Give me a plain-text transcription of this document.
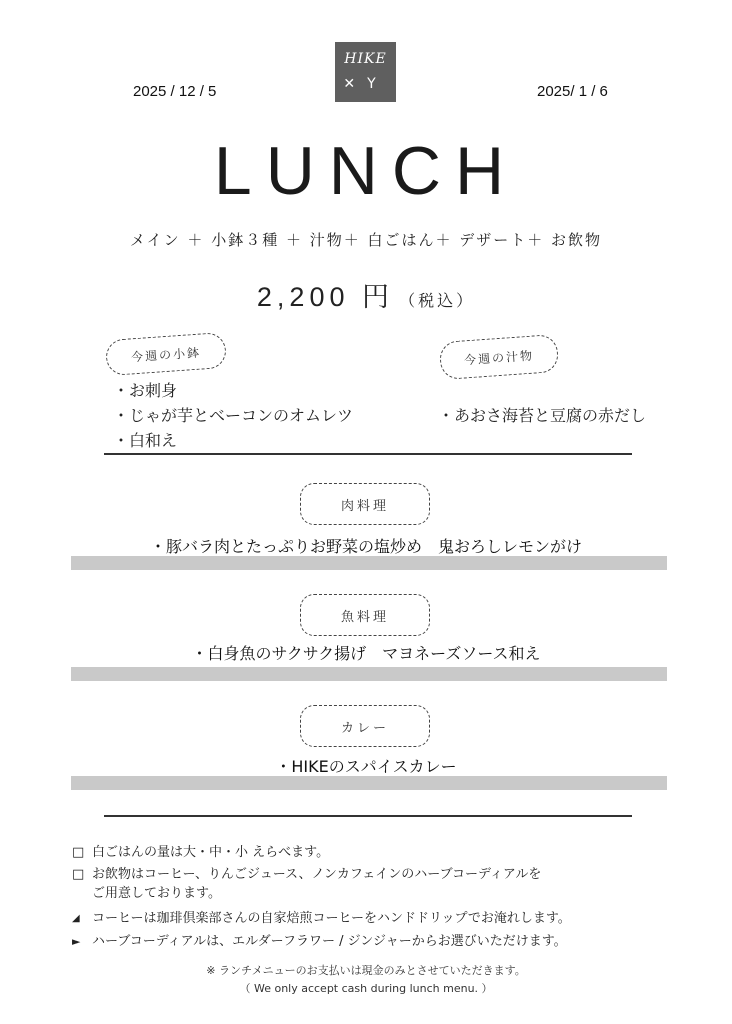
HIKE
✕Y
2025 / 12 / 5	2025/ 1 / 6
LUNCH
メイン ＋ 小鉢３種 ＋ 汁物＋ 白ごはん＋ デザート＋ お飲物
2,200 円 （税込）
今週の小鉢
・お刺身
・じゃが芋とベーコンのオムレツ
・白和え
今週の汁物
・あおさ海苔と豆腐の赤だし
肉料理
・豚バラ肉とたっぷりお野菜の塩炒め　鬼おろしレモンがけ
魚料理
・白身魚のサクサク揚げ　マヨネーズソース和え
カレー
・HIKEのスパイスカレー
□ 白ごはんの量は大・中・小 えらべます。
□ お飲物はコーヒー、りんごジュース、ノンカフェインのハーブコーディアルを
ご用意しております。
◢ コーヒーは珈琲倶楽部さんの自家焙煎コーヒーをハンドドリップでお淹れします。
► ハーブコーディアルは、エルダーフラワー / ジンジャーからお選びいただけます。
※ ランチメニューのお支払いは現金のみとさせていただきます。
（ We only accept cash during lunch menu. ）
